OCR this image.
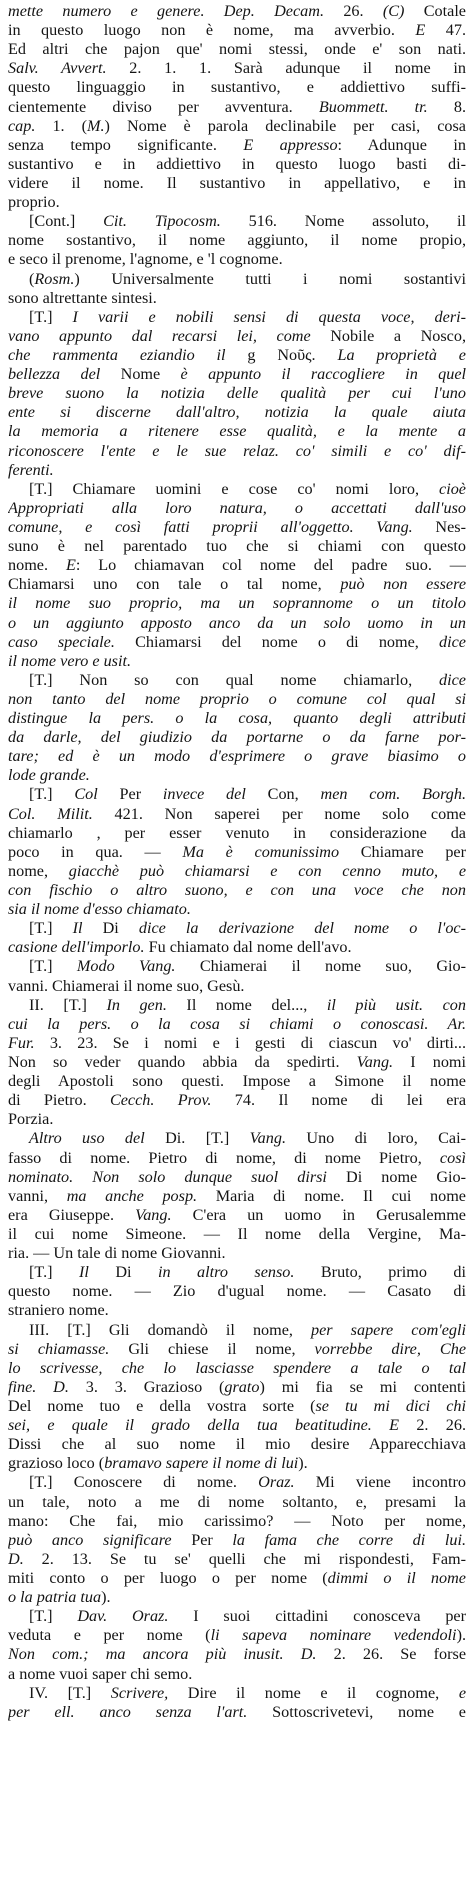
mette numero e genere. Dep. Decam. 26. (C) Cotale
in questo luogo non è nome, ma avverbio. E 47.
Ed altri che pajon que' nomi stessi, onde e' son nati.
Salv. Avvert. 2. 1. 1. Sarà adunque il nome in
questo linguaggio in sustantivo, e addiettivo suffi-
cientemente diviso per avventura. Buommett. tr. 8.
cap. 1. (M.) Nome è parola declinabile per casi, cosa
senza tempo significante. E appresso: Adunque in
sustantivo e in addiettivo in questo luogo basti di-
videre il nome. Il sustantivo in appellativo, e in
proprio.
[Cont.] Cit. Tipocosm. 516. Nome assoluto, il
nome sostantivo, il nome aggiunto, il nome propio,
e seco il prenome, l'agnome, e 'l cognome.
(Rosm.) Universalmente tutti i nomi sostantivi
sono altrettante sintesi.
[T.] I varii e nobili sensi di questa voce, deri-
vano appunto dal recarsi lei, come Nobile a Nosco,
che rammenta eziandio il g Νοῦς. La proprietà e
bellezza del Nome è appunto il raccogliere in quel
breve suono la notizia delle qualità per cui l'uno
ente si discerne dall'altro, notizia la quale aiuta
la memoria a ritenere esse qualità, e la mente a
riconoscere l'ente e le sue relaz. co' simili e co' dif-
ferenti.
[T.] Chiamare uomini e cose co' nomi loro, cioè
Appropriati alla loro natura, o accettati dall'uso
comune, e così fatti proprii all'oggetto. Vang. Nes-
suno è nel parentado tuo che si chiami con questo
nome. E: Lo chiamavan col nome del padre suo. —
Chiamarsi uno con tale o tal nome, può non essere
il nome suo proprio, ma un soprannome o un titolo
o un aggiunto apposto anco da un solo uomo in un
caso speciale. Chiamarsi del nome o di nome, dice
il nome vero e usit.
[T.] Non so con qual nome chiamarlo, dice
non tanto del nome proprio o comune col qual si
distingue la pers. o la cosa, quanto degli attributi
da darle, del giudizio da portarne o da farne por-
tare; ed è un modo d'esprimere o grave biasimo o
lode grande.
[T.] Col Per invece del Con, men com. Borgh.
Col. Milit. 421. Non saperei per nome solo come
chiamarlo , per esser venuto in considerazione da
poco in qua. — Ma è comunissimo Chiamare per
nome, giacchè può chiamarsi e con cenno muto, e
con fischio o altro suono, e con una voce che non
sia il nome d'esso chiamato.
[T.] Il Di dice la derivazione del nome o l'oc-
casione dell'imporlo. Fu chiamato dal nome dell'avo.
[T.] Modo Vang. Chiamerai il nome suo, Gio-
vanni. Chiamerai il nome suo, Gesù.
II. [T.] In gen. Il nome del..., il più usit. con
cui la pers. o la cosa si chiami o conoscasi. Ar.
Fur. 3. 23. Se i nomi e i gesti di ciascun vo' dirti...
Non so veder quando abbia da spedirti. Vang. I nomi
degli Apostoli sono questi. Impose a Simone il nome
di Pietro. Cecch. Prov. 74. Il nome di lei era
Porzia.
Altro uso del Di. [T.] Vang. Uno di loro, Cai-
fasso di nome. Pietro di nome, di nome Pietro, così
nominato. Non solo dunque suol dirsi Di nome Gio-
vanni, ma anche posp. Maria di nome. Il cui nome
era Giuseppe. Vang. C'era un uomo in Gerusalemme
il cui nome Simeone. — Il nome della Vergine, Ma-
ria. — Un tale di nome Giovanni.
[T.] Il Di in altro senso. Bruto, primo di
questo nome. — Zio d'ugual nome. — Casato di
straniero nome.
III. [T.] Gli domandò il nome, per sapere com'egli
si chiamasse. Gli chiese il nome, vorrebbe dire, Che
lo scrivesse, che lo lasciasse spendere a tale o tal
fine. D. 3. 3. Grazioso (grato) mi fia se mi contenti
Del nome tuo e della vostra sorte (se tu mi dici chi
sei, e quale il grado della tua beatitudine. E 2. 26.
Dissi che al suo nome il mio desire Apparecchiava
grazioso loco (bramavo sapere il nome di lui).
[T.] Conoscere di nome. Oraz. Mi viene incontro
un tale, noto a me di nome soltanto, e, presami la
mano: Che fai, mio carissimo? — Noto per nome,
può anco significare Per la fama che corre di lui.
D. 2. 13. Se tu se' quelli che mi rispondesti, Fam-
miti conto o per luogo o per nome (dimmi o il nome
o la patria tua).
[T.] Dav. Oraz. I suoi cittadini conosceva per
veduta e per nome (li sapeva nominare vedendoli).
Non com.; ma ancora più inusit. D. 2. 26. Se forse
a nome vuoi saper chi semo.
IV. [T.] Scrivere, Dire il nome e il cognome, e
per ell. anco senza l'art. Sottoscrivetevi, nome e
